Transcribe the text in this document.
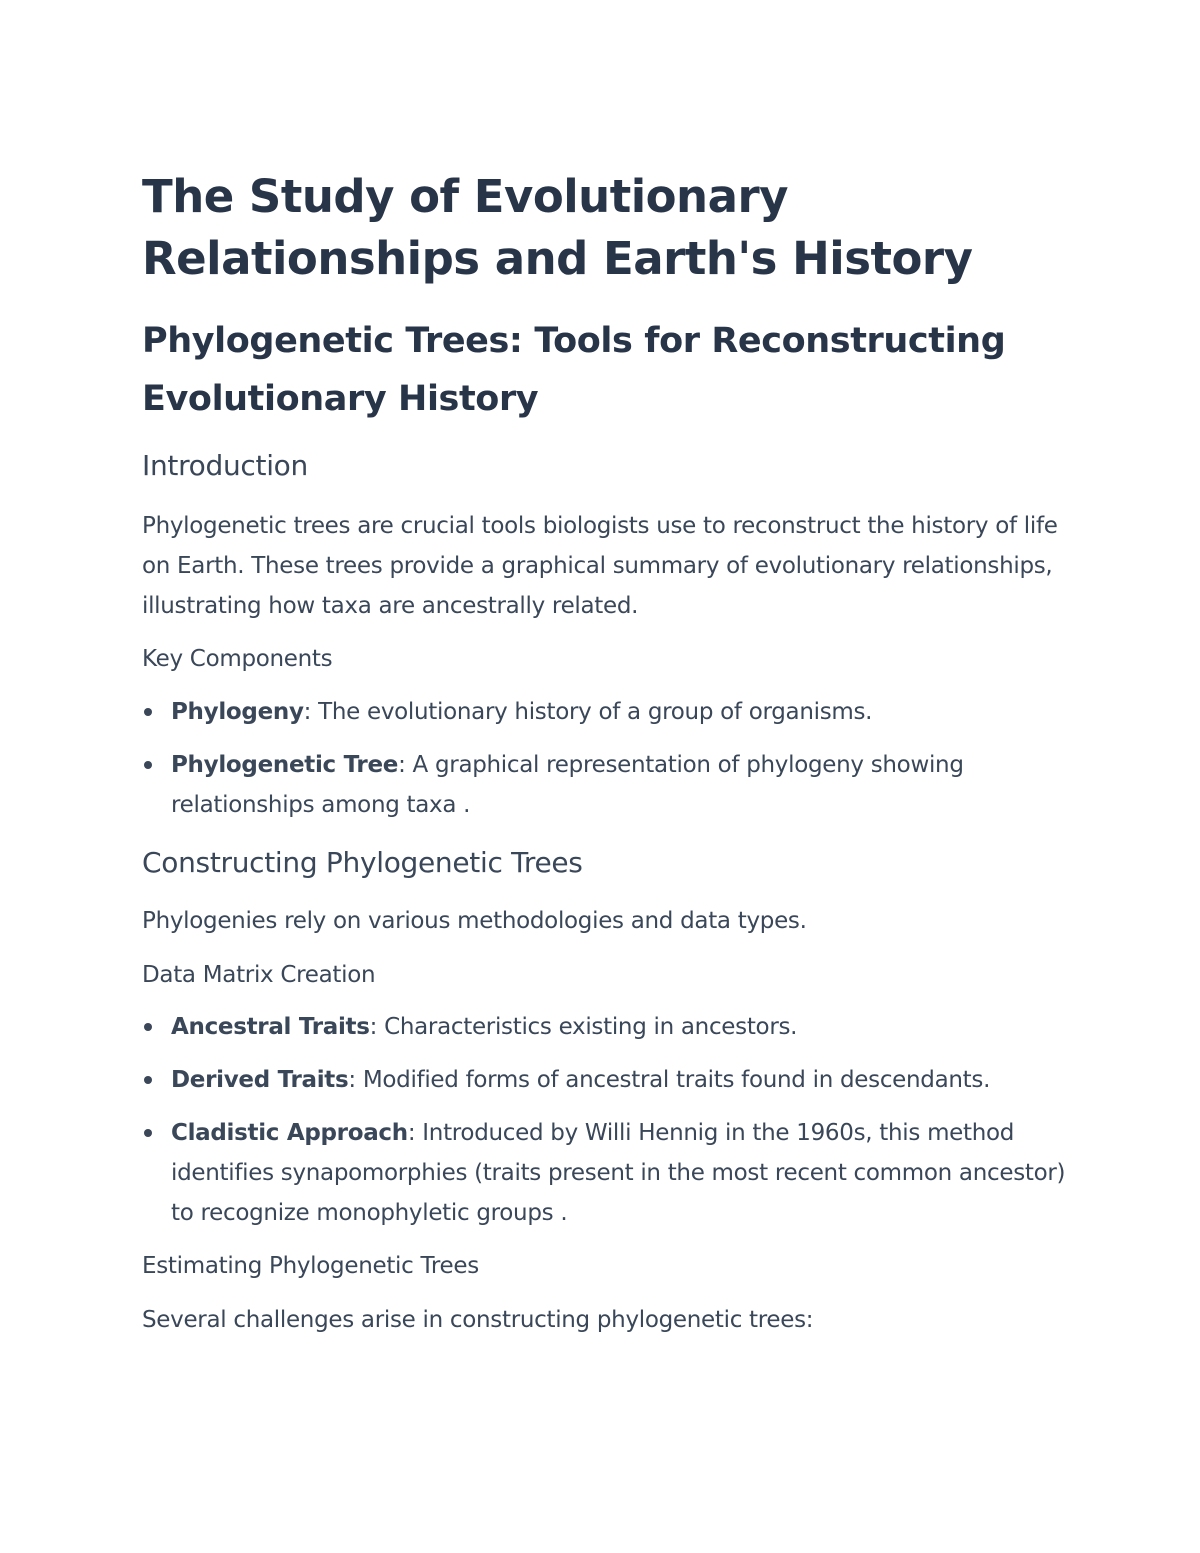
The Study of Evolutionary Relationships and Earth's History
Phylogenetic Trees: Tools for Reconstructing Evolutionary History
Introduction

Phylogenetic trees are crucial tools biologists use to reconstruct the history of life on Earth. These trees provide a graphical summary of evolutionary relationships, illustrating how taxa are ancestrally related.

Key Components
Phylogeny: The evolutionary history of a group of organisms.
Phylogenetic Tree: A graphical representation of phylogeny showing relationships among taxa .
Constructing Phylogenetic Trees

Phylogenies rely on various methodologies and data types.

Data Matrix Creation
Ancestral Traits: Characteristics existing in ancestors.
Derived Traits: Modified forms of ancestral traits found in descendants.
Cladistic Approach: Introduced by Willi Hennig in the 1960s, this method identifies synapomorphies (traits present in the most recent common ancestor) to recognize monophyletic groups .
Estimating Phylogenetic Trees

Several challenges arise in constructing phylogenetic trees:
